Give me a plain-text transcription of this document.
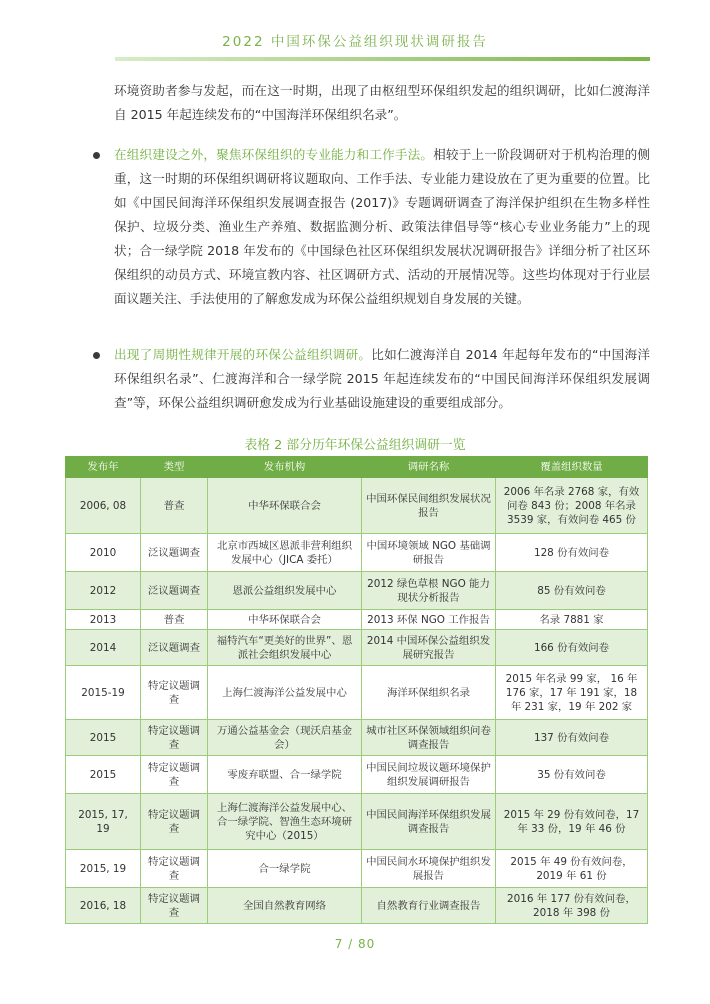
2022 中国环保公益组织现状调研报告

环境资助者参与发起，而在这一时期，出现了由枢纽型环保组织发起的组织调研，比如仁渡海洋自 2015 年起连续发布的“中国海洋环保组织名录”。

在组织建设之外，聚焦环保组织的专业能力和工作手法。相较于上一阶段调研对于机构治理的侧重，这一时期的环保组织调研将议题取向、工作手法、专业能力建设放在了更为重要的位置。比如《中国民间海洋环保组织发展调查报告 (2017)》专题调研调查了海洋保护组织在生物多样性保护、垃圾分类、渔业生产养殖、数据监测分析、政策法律倡导等“核心专业业务能力”上的现状；合一绿学院 2018 年发布的《中国绿色社区环保组织发展状况调研报告》详细分析了社区环保组织的动员方式、环境宣教内容、社区调研方式、活动的开展情况等。这些均体现对于行业层面议题关注、手法使用的了解愈发成为环保公益组织规划自身发展的关键。

出现了周期性规律开展的环保公益组织调研。比如仁渡海洋自 2014 年起每年发布的“中国海洋环保组织名录”、仁渡海洋和合一绿学院 2015 年起连续发布的“中国民间海洋环保组织发展调查”等，环保公益组织调研愈发成为行业基础设施建设的重要组成部分。

表格 2 部分历年环保公益组织调研一览
发布年	类型	发布机构	调研名称	覆盖组织数量
2006, 08	普查	中华环保联合会	中国环保民间组织发展状况报告	2006 年名录 2768 家，有效问卷 843 份；2008 年名录 3539 家，有效问卷 465 份
2010	泛议题调查	北京市西城区恩派非营利组织发展中心（JICA 委托）	中国环境领域 NGO 基础调研报告	128 份有效问卷
2012	泛议题调查	恩派公益组织发展中心	2012 绿色草根 NGO 能力现状分析报告	85 份有效问卷
2013	普查	中华环保联合会	2013 环保 NGO 工作报告	名录 7881 家
2014	泛议题调查	福特汽车“更美好的世界”、恩派社会组织发展中心	2014 中国环保公益组织发展研究报告	166 份有效问卷
2015-19	特定议题调查	上海仁渡海洋公益发展中心	海洋环保组织名录	2015 年名录 99 家， 16 年 176 家，17 年 191 家，18 年 231 家，19 年 202 家
2015	特定议题调查	万通公益基金会（现沃启基金会）	城市社区环保领域组织问卷调查报告	137 份有效问卷
2015	特定议题调查	零废弃联盟、合一绿学院	中国民间垃圾议题环境保护组织发展调研报告	35 份有效问卷
2015, 17, 19	特定议题调查	上海仁渡海洋公益发展中心、合一绿学院、智渔生态环境研究中心（2015）	中国民间海洋环保组织发展调查报告	2015 年 29 份有效问卷，17 年 33 份，19 年 46 份
2015, 19	特定议题调查	合一绿学院	中国民间水环境保护组织发展报告	2015 年 49 份有效问卷，2019 年 61 份
2016, 18	特定议题调查	全国自然教育网络	自然教育行业调查报告	2016 年 177 份有效问卷，2018 年 398 份
7 / 80
